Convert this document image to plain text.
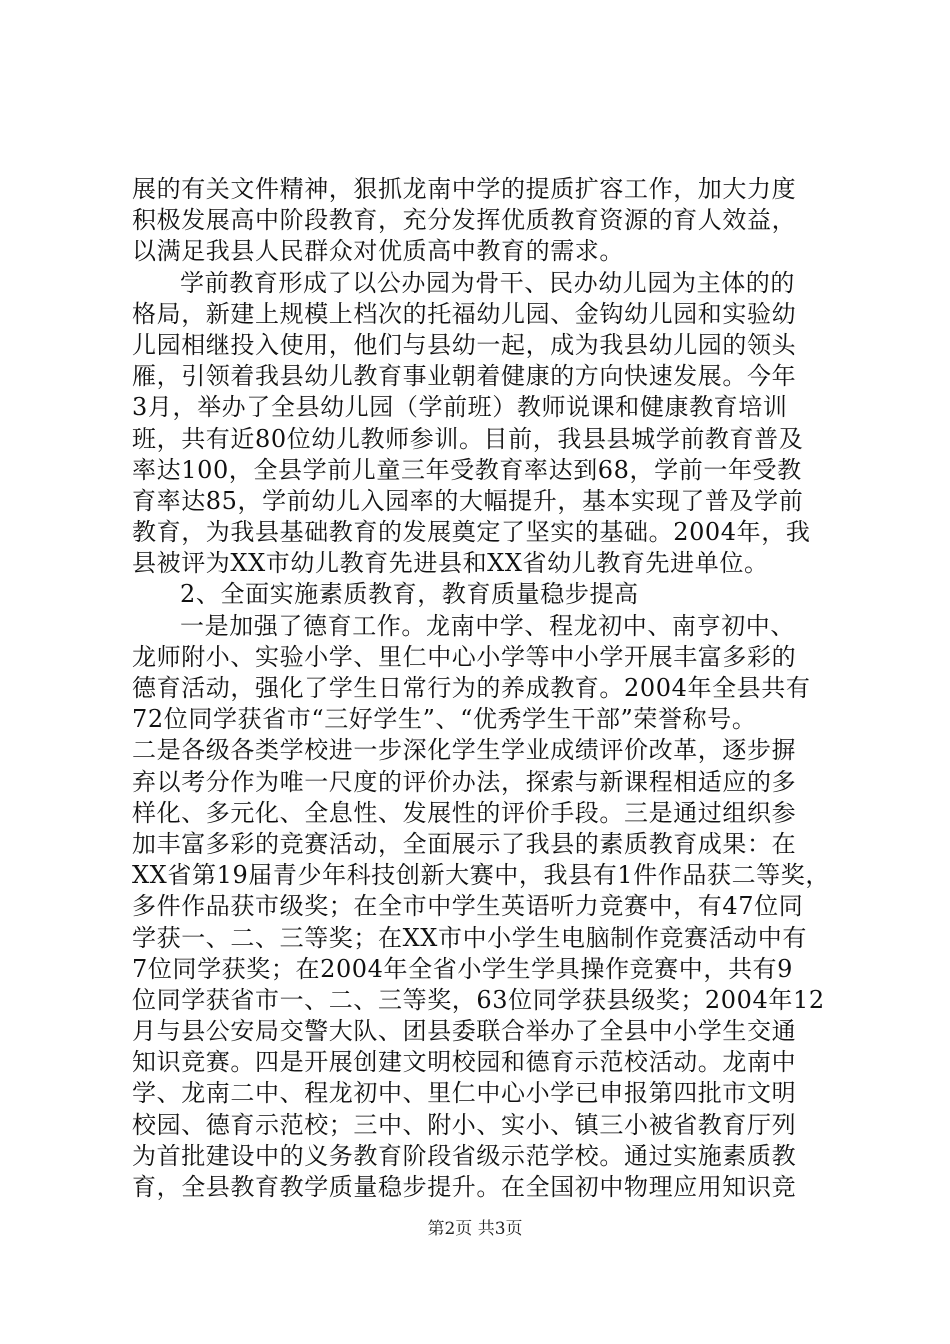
展的有关文件精神，狠抓龙南中学的提质扩容工作，加大力度
积极发展高中阶段教育，充分发挥优质教育资源的育人效益，
以满足我县人民群众对优质高中教育的需求。
学前教育形成了以公办园为骨干、民办幼儿园为主体的的
格局，新建上规模上档次的托福幼儿园、金钩幼儿园和实验幼
儿园相继投入使用，他们与县幼一起，成为我县幼儿园的领头
雁，引领着我县幼儿教育事业朝着健康的方向快速发展。今年
3月，举办了全县幼儿园（学前班）教师说课和健康教育培训
班，共有近80位幼儿教师参训。目前，我县县城学前教育普及
率达100，全县学前儿童三年受教育率达到68，学前一年受教
育率达85，学前幼儿入园率的大幅提升，基本实现了普及学前
教育，为我县基础教育的发展奠定了坚实的基础。2004年，我
县被评为XX市幼儿教育先进县和XX省幼儿教育先进单位。
2、全面实施素质教育，教育质量稳步提高
一是加强了德育工作。龙南中学、程龙初中、南亨初中、
龙师附小、实验小学、里仁中心小学等中小学开展丰富多彩的
德育活动，强化了学生日常行为的养成教育。2004年全县共有
72位同学获省市“三好学生”、“优秀学生干部”荣誉称号。
二是各级各类学校进一步深化学生学业成绩评价改革，逐步摒
弃以考分作为唯一尺度的评价办法，探索与新课程相适应的多
样化、多元化、全息性、发展性的评价手段。三是通过组织参
加丰富多彩的竞赛活动，全面展示了我县的素质教育成果：在
XX省第19届青少年科技创新大赛中，我县有1件作品获二等奖，
多件作品获市级奖；在全市中学生英语听力竞赛中，有47位同
学获一、二、三等奖；在XX市中小学生电脑制作竞赛活动中有
7位同学获奖；在2004年全省小学生学具操作竞赛中，共有9
位同学获省市一、二、三等奖，63位同学获县级奖；2004年12
月与县公安局交警大队、团县委联合举办了全县中小学生交通
知识竞赛。四是开展创建文明校园和德育示范校活动。龙南中
学、龙南二中、程龙初中、里仁中心小学已申报第四批市文明
校园、德育示范校；三中、附小、实小、镇三小被省教育厅列
为首批建设中的义务教育阶段省级示范学校。通过实施素质教
育，全县教育教学质量稳步提升。在全国初中物理应用知识竞
第2页 共3页
